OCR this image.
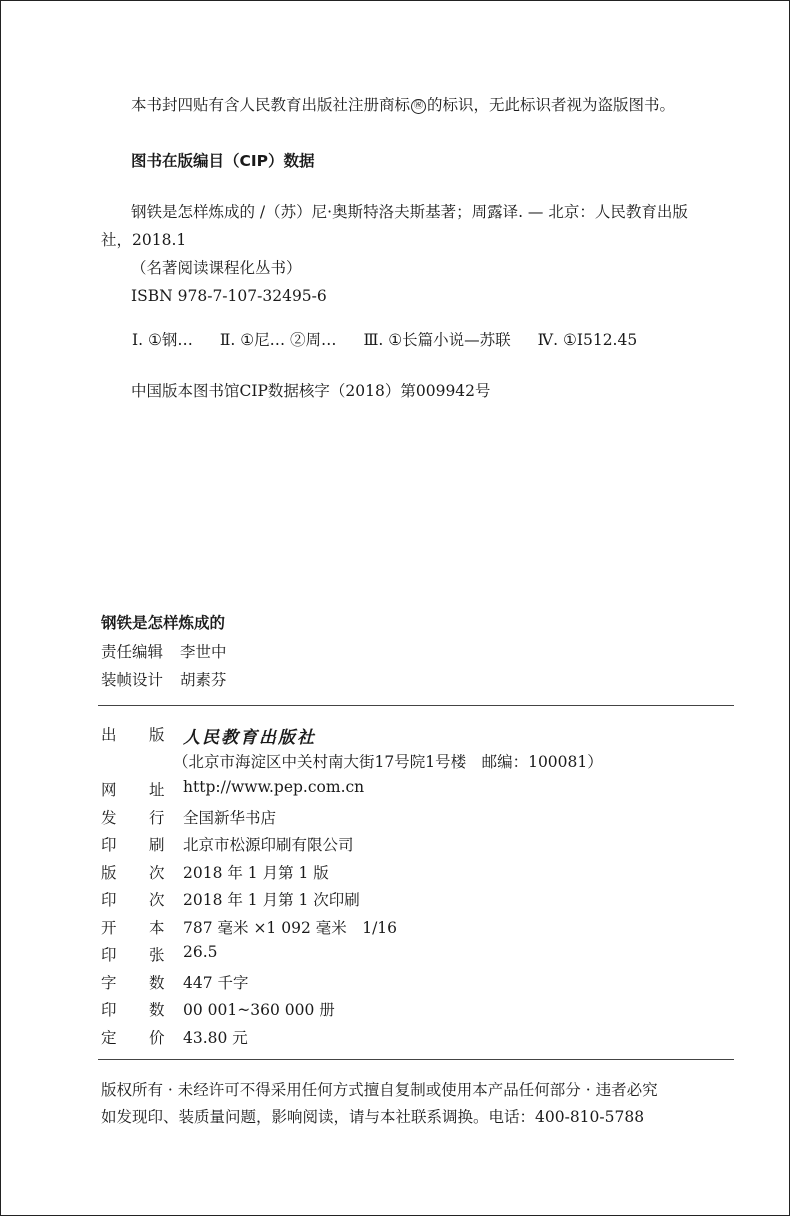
本书封四贴有含人民教育出版社注册商标 ㊗ 的标识，无此标识者视为盗版图书。
图书在版编目（CIP）数据

钢铁是怎样炼成的 /（苏）尼·奥斯特洛夫斯基著；周露译. — 北京：人民教育出版

社，2018.1

（名著阅读课程化丛书）

ISBN 978-7-107-32495-6

Ⅰ. ①钢… Ⅱ. ①尼… ②周… Ⅲ. ①长篇小说—苏联 Ⅳ. ①I512.45
中国版本图书馆CIP数据核字（2018）第009942号
钢铁是怎样炼成的
责任编辑 李世中
装帧设计 胡素芬
出 版 人民教育出版社
（北京市海淀区中关村南大街17号院1号楼　邮编：100081）
网 址 http://www.pep.com.cn
发 行 全国新华书店
印 刷 北京市松源印刷有限公司
版 次 2018 年 1 月第 1 版
印 次 2018 年 1 月第 1 次印刷
开 本 787 毫米 ×1 092 毫米　1/16
印 张 26.5
字 数 447 千字
印 数 00 001~360 000 册
定 价 43.80 元
版权所有 · 未经许可不得采用任何方式擅自复制或使用本产品任何部分 · 违者必究
如发现印、装质量问题，影响阅读，请与本社联系调换。电话：400-810-5788
